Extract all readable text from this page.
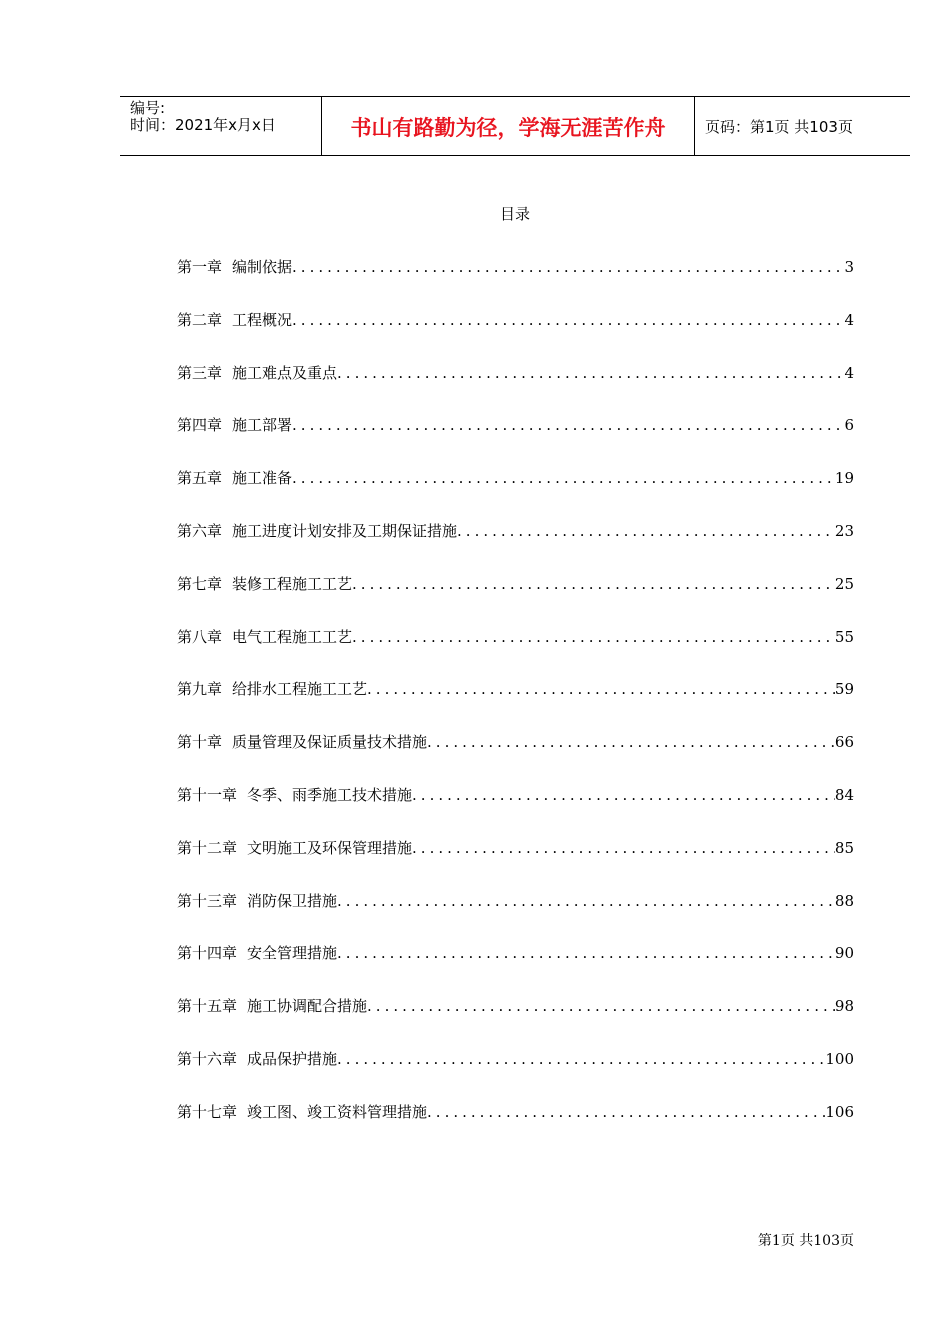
编号:
时间：2021年x月x日	书山有路勤为径，学海无涯苦作舟	页码：第1页 共103页
目录
第一章 编制依据 .....	3
第二章 工程概况 .....	4
第三章 施工难点及重点 .....	4
第四章 施工部署 .....	6
第五章 施工准备 .....	19
第六章 施工进度计划安排及工期保证措施 .....	23
第七章 装修工程施工工艺 .....	25
第八章 电气工程施工工艺 .....	55
第九章 给排水工程施工工艺 .....	59
第十章 质量管理及保证质量技术措施 .....	66
第十一章 冬季、雨季施工技术措施 .....	84
第十二章 文明施工及环保管理措施 .....	85
第十三章 消防保卫措施 .....	88
第十四章 安全管理措施 .....	90
第十五章 施工协调配合措施 .....	98
第十六章 成品保护措施 .....	100
第十七章 竣工图、竣工资料管理措施 .....	106
第1页 共103页
